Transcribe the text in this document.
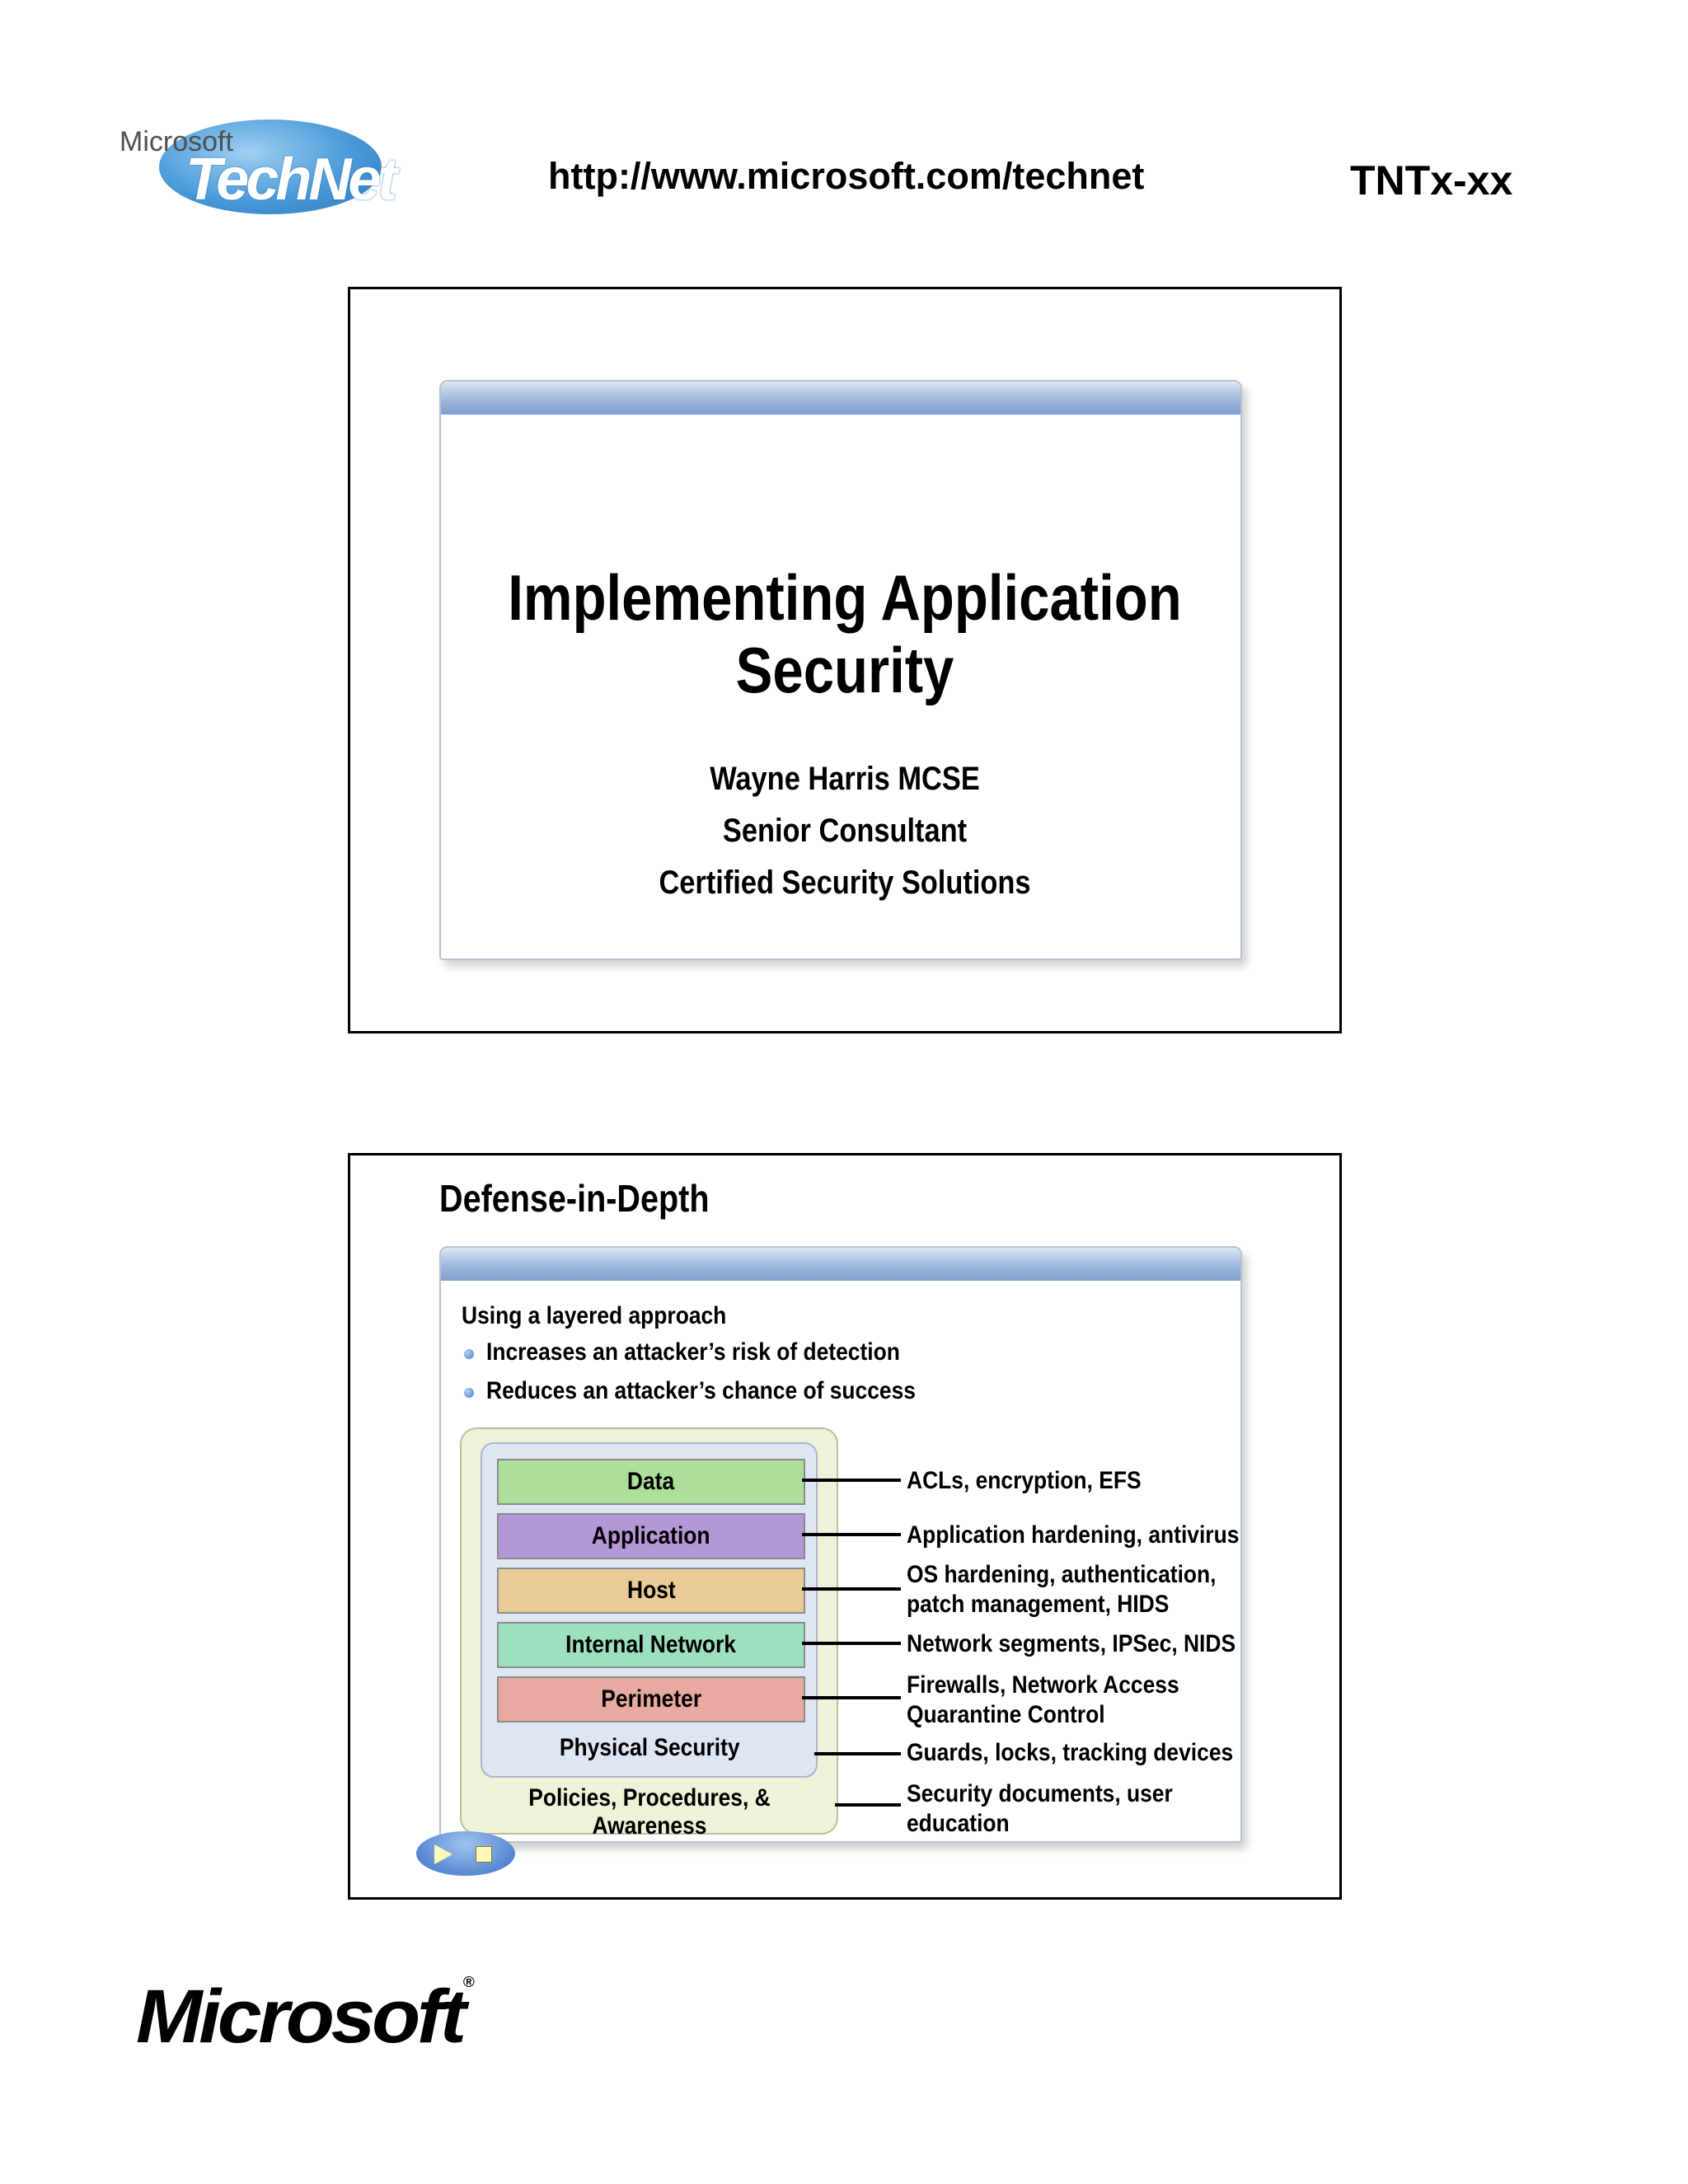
TechNet
Microsoft
http://www.microsoft.com/technet	TNTx-xx
Implementing Application
Security
Wayne Harris MCSE
Senior Consultant
Certified Security Solutions
Defense-in-Depth
Using a layered approach
Increases an attacker’s risk of detection
Reduces an attacker’s chance of success
Data
Application
Host
Internal Network
Perimeter
Physical Security
Policies, Procedures, & Awareness
ACLs, encryption, EFS
Application hardening, antivirus
OS hardening, authentication,
patch management, HIDS
Network segments, IPSec, NIDS
Firewalls, Network Access
Quarantine Control
Guards, locks, tracking devices
Security documents, user
education
Microsoft®
